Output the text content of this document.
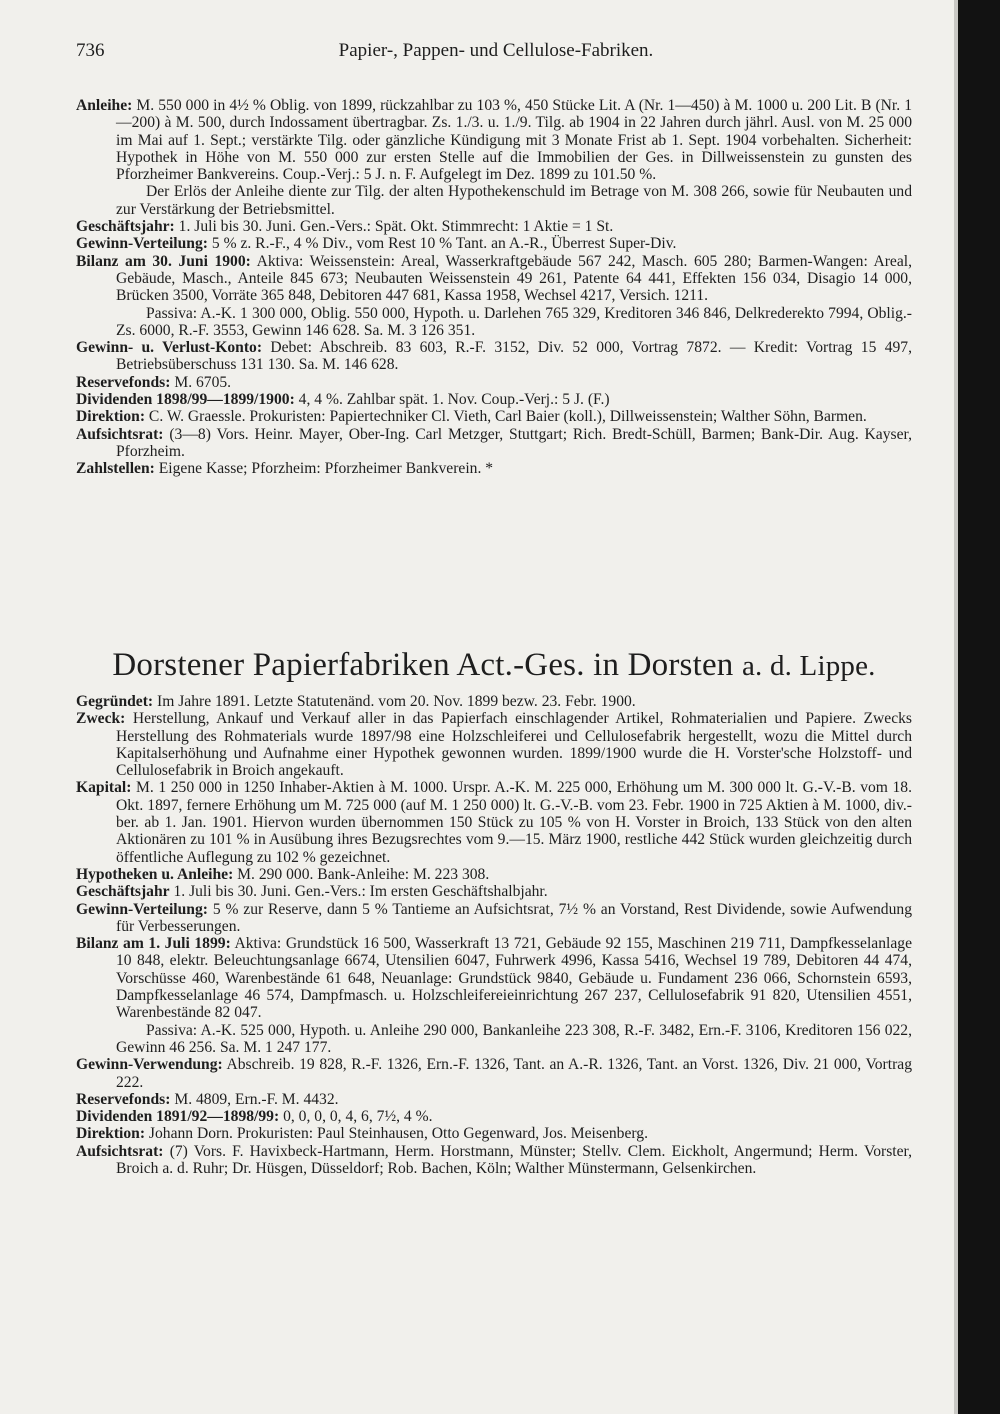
736	Papier-, Pappen- und Cellulose-Fabriken.
Anleihe: M. 550 000 in 4½ % Oblig. von 1899, rückzahlbar zu 103 %, 450 Stücke Lit. A (Nr. 1—450) à M. 1000 u. 200 Lit. B (Nr. 1—200) à M. 500, durch Indossament übertragbar. Zs. 1./3. u. 1./9. Tilg. ab 1904 in 22 Jahren durch jährl. Ausl. von M. 25 000 im Mai auf 1. Sept.; verstärkte Tilg. oder gänzliche Kündigung mit 3 Monate Frist ab 1. Sept. 1904 vorbehalten. Sicherheit: Hypothek in Höhe von M. 550 000 zur ersten Stelle auf die Immobilien der Ges. in Dillweissenstein zu gunsten des Pforzheimer Bankvereins. Coup.-Verj.: 5 J. n. F. Aufgelegt im Dez. 1899 zu 101.50 %.
Der Erlös der Anleihe diente zur Tilg. der alten Hypothekenschuld im Betrage von M. 308 266, sowie für Neubauten und zur Verstärkung der Betriebsmittel.
Geschäftsjahr: 1. Juli bis 30. Juni. Gen.-Vers.: Spät. Okt. Stimmrecht: 1 Aktie = 1 St.
Gewinn-Verteilung: 5 % z. R.-F., 4 % Div., vom Rest 10 % Tant. an A.-R., Überrest Super-Div.
Bilanz am 30. Juni 1900: Aktiva: Weissenstein: Areal, Wasserkraftgebäude 567 242, Masch. 605 280; Barmen-Wangen: Areal, Gebäude, Masch., Anteile 845 673; Neubauten Weissenstein 49 261, Patente 64 441, Effekten 156 034, Disagio 14 000, Brücken 3500, Vorräte 365 848, Debitoren 447 681, Kassa 1958, Wechsel 4217, Versich. 1211.
Passiva: A.-K. 1 300 000, Oblig. 550 000, Hypoth. u. Darlehen 765 329, Kreditoren 346 846, Delkrederekto 7994, Oblig.-Zs. 6000, R.-F. 3553, Gewinn 146 628. Sa. M. 3 126 351.
Gewinn- u. Verlust-Konto: Debet: Abschreib. 83 603, R.-F. 3152, Div. 52 000, Vortrag 7872. — Kredit: Vortrag 15 497, Betriebsüberschuss 131 130. Sa. M. 146 628.
Reservefonds: M. 6705.
Dividenden 1898/99—1899/1900: 4, 4 %. Zahlbar spät. 1. Nov. Coup.-Verj.: 5 J. (F.)
Direktion: C. W. Graessle. Prokuristen: Papiertechniker Cl. Vieth, Carl Baier (koll.), Dillweissenstein; Walther Söhn, Barmen.
Aufsichtsrat: (3—8) Vors. Heinr. Mayer, Ober-Ing. Carl Metzger, Stuttgart; Rich. Bredt-Schüll, Barmen; Bank-Dir. Aug. Kayser, Pforzheim.
Zahlstellen: Eigene Kasse; Pforzheim: Pforzheimer Bankverein. *
Dorstener Papierfabriken Act.-Ges. in Dorsten a. d. Lippe.
Gegründet: Im Jahre 1891. Letzte Statutenänd. vom 20. Nov. 1899 bezw. 23. Febr. 1900.
Zweck: Herstellung, Ankauf und Verkauf aller in das Papierfach einschlagender Artikel, Rohmaterialien und Papiere. Zwecks Herstellung des Rohmaterials wurde 1897/98 eine Holzschleiferei und Cellulosefabrik hergestellt, wozu die Mittel durch Kapitalserhöhung und Aufnahme einer Hypothek gewonnen wurden. 1899/1900 wurde die H. Vorster'sche Holzstoff- und Cellulosefabrik in Broich angekauft.
Kapital: M. 1 250 000 in 1250 Inhaber-Aktien à M. 1000. Urspr. A.-K. M. 225 000, Erhöhung um M. 300 000 lt. G.-V.-B. vom 18. Okt. 1897, fernere Erhöhung um M. 725 000 (auf M. 1 250 000) lt. G.-V.-B. vom 23. Febr. 1900 in 725 Aktien à M. 1000, div.-ber. ab 1. Jan. 1901. Hiervon wurden übernommen 150 Stück zu 105 % von H. Vorster in Broich, 133 Stück von den alten Aktionären zu 101 % in Ausübung ihres Bezugsrechtes vom 9.—15. März 1900, restliche 442 Stück wurden gleichzeitig durch öffentliche Auflegung zu 102 % gezeichnet.
Hypotheken u. Anleihe: M. 290 000. Bank-Anleihe: M. 223 308.
Geschäftsjahr 1. Juli bis 30. Juni. Gen.-Vers.: Im ersten Geschäftshalbjahr.
Gewinn-Verteilung: 5 % zur Reserve, dann 5 % Tantieme an Aufsichtsrat, 7½ % an Vorstand, Rest Dividende, sowie Aufwendung für Verbesserungen.
Bilanz am 1. Juli 1899: Aktiva: Grundstück 16 500, Wasserkraft 13 721, Gebäude 92 155, Maschinen 219 711, Dampfkesselanlage 10 848, elektr. Beleuchtungsanlage 6674, Utensilien 6047, Fuhrwerk 4996, Kassa 5416, Wechsel 19 789, Debitoren 44 474, Vorschüsse 460, Warenbestände 61 648, Neuanlage: Grundstück 9840, Gebäude u. Fundament 236 066, Schornstein 6593, Dampfkesselanlage 46 574, Dampfmasch. u. Holzschleifereieinrichtung 267 237, Cellulosefabrik 91 820, Utensilien 4551, Warenbestände 82 047.
Passiva: A.-K. 525 000, Hypoth. u. Anleihe 290 000, Bankanleihe 223 308, R.-F. 3482, Ern.-F. 3106, Kreditoren 156 022, Gewinn 46 256. Sa. M. 1 247 177.
Gewinn-Verwendung: Abschreib. 19 828, R.-F. 1326, Ern.-F. 1326, Tant. an A.-R. 1326, Tant. an Vorst. 1326, Div. 21 000, Vortrag 222.
Reservefonds: M. 4809, Ern.-F. M. 4432.
Dividenden 1891/92—1898/99: 0, 0, 0, 0, 4, 6, 7½, 4 %.
Direktion: Johann Dorn. Prokuristen: Paul Steinhausen, Otto Gegenward, Jos. Meisenberg.
Aufsichtsrat: (7) Vors. F. Havixbeck-Hartmann, Herm. Horstmann, Münster; Stellv. Clem. Eickholt, Angermund; Herm. Vorster, Broich a. d. Ruhr; Dr. Hüsgen, Düsseldorf; Rob. Bachen, Köln; Walther Münstermann, Gelsenkirchen.
